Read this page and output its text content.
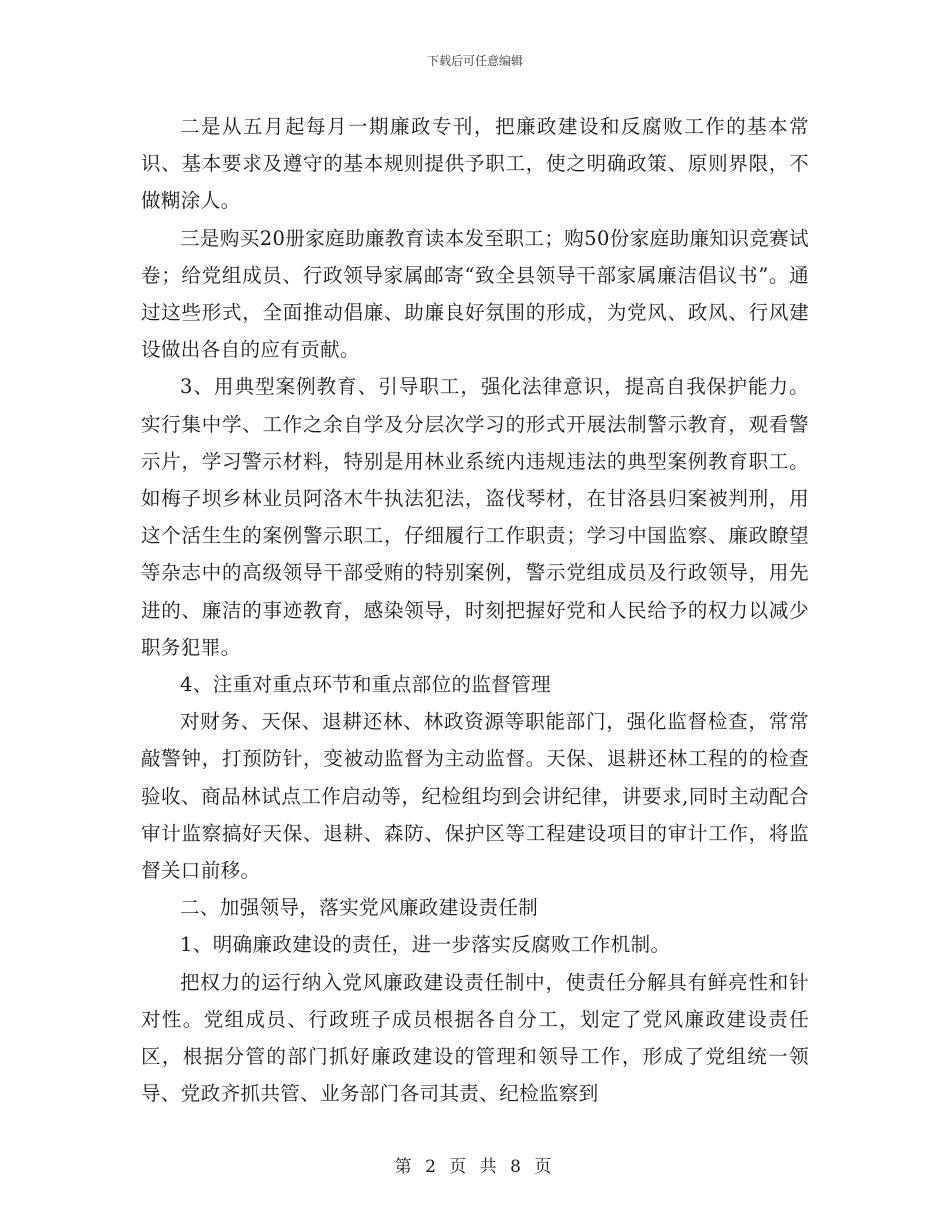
下载后可任意编辑

二是从五月起每月一期廉政专刊，把廉政建设和反腐败工作的基本常识、基本要求及遵守的基本规则提供予职工，使之明确政策、原则界限，不做糊涂人。

三是购买20册家庭助廉教育读本发至职工；购50份家庭助廉知识竞赛试卷；给党组成员、行政领导家属邮寄“致全县领导干部家属廉洁倡议书”。通过这些形式，全面推动倡廉、助廉良好氛围的形成，为党风、政风、行风建设做出各自的应有贡献。

3、用典型案例教育、引导职工，强化法律意识，提高自我保护能力。实行集中学、工作之余自学及分层次学习的形式开展法制警示教育，观看警示片，学习警示材料，特别是用林业系统内违规违法的典型案例教育职工。如梅子坝乡林业员阿洛木牛执法犯法，盗伐琴材，在甘洛县归案被判刑，用这个活生生的案例警示职工，仔细履行工作职责；学习中国监察、廉政瞭望等杂志中的高级领导干部受贿的特别案例，警示党组成员及行政领导，用先进的、廉洁的事迹教育，感染领导，时刻把握好党和人民给予的权力以减少职务犯罪。

4、注重对重点环节和重点部位的监督管理

对财务、天保、退耕还林、林政资源等职能部门，强化监督检查，常常敲警钟，打预防针，变被动监督为主动监督。天保、退耕还林工程的的检查验收、商品林试点工作启动等，纪检组均到会讲纪律，讲要求,同时主动配合审计监察搞好天保、退耕、森防、保护区等工程建设项目的审计工作，将监督关口前移。

二、加强领导，落实党风廉政建设责任制

1、明确廉政建设的责任，进一步落实反腐败工作机制。

把权力的运行纳入党风廉政建设责任制中，使责任分解具有鲜亮性和针对性。党组成员、行政班子成员根据各自分工，划定了党风廉政建设责任区，根据分管的部门抓好廉政建设的管理和领导工作，形成了党组统一领导、党政齐抓共管、业务部门各司其责、纪检监察到

第 2 页 共 8 页
